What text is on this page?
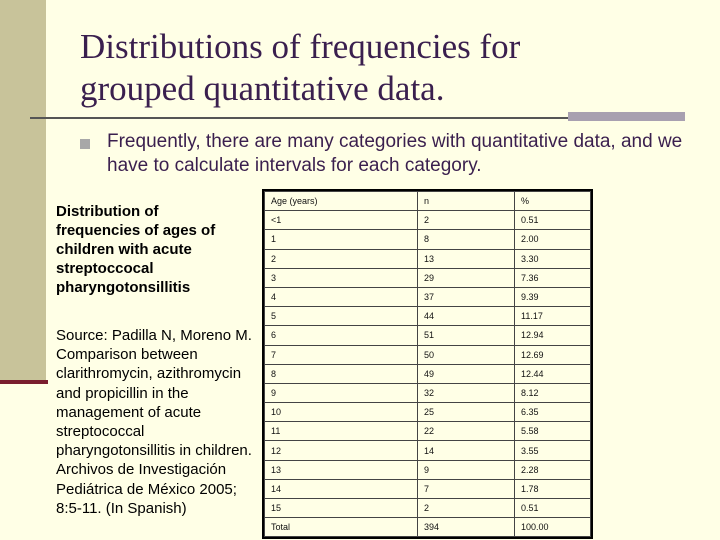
Distributions of frequencies for
grouped quantitative data.
Frequently, there are many categories with quantitative data, and we have to calculate intervals for each category.
Distribution of frequencies of ages of children with acute streptoccocal pharyngotonsillitis
Source: Padilla N, Moreno M. Comparison between clarithromycin, azithromycin and propicillin in the management of acute streptococcal pharyngotonsillitis in children. Archivos de Investigación Pediátrica de México 2005; 8:5-11. (In Spanish)
Age (years)	n	%
<1	2	0.51
1	8	2.00
2	13	3.30
3	29	7.36
4	37	9.39
5	44	11.17
6	51	12.94
7	50	12.69
8	49	12.44
9	32	8.12
10	25	6.35
11	22	5.58
12	14	3.55
13	9	2.28
14	7	1.78
15	2	0.51
Total	394	100.00
